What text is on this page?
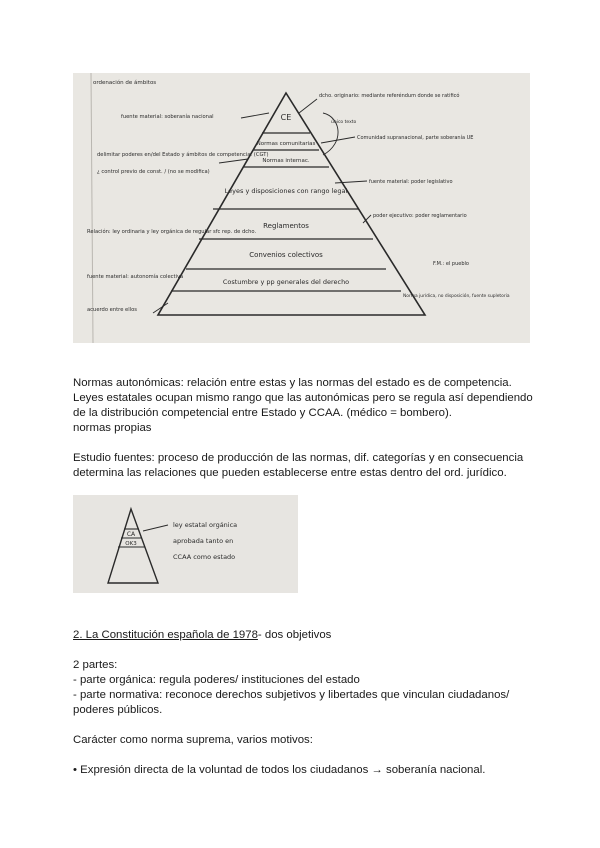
CE
Normas comunitarias
Normas internac.
Leyes y disposiciones con rango legal
Reglamentos
Convenios colectivos
Costumbre y pp generales del derecho
ordenación de ámbitos
único texto
fuente material: soberanía nacional
delimitar poderes en/del Estado y ámbitos de competencia: (CGT)
¿ control previo de const. / (no se modifica)
Relación: ley ordinaria y ley orgánica de regular sfc rep. de dcho.
fuente material: autonomía colectiva
acuerdo entre ellos
dcho. originario: mediante referéndum donde se ratificó
Comunidad supranacional, parte soberanía UE
fuente material: poder legislativo
poder ejecutivo: poder reglamentario
F.M.: el pueblo
Norma jurídica, no disposición, fuente supletoria

Normas autonómicas: relación entre estas y las normas del estado es de competencia.

Leyes estatales ocupan mismo rango que las autonómicas pero se regula así dependiendo

de la distribución competencial entre Estado y CCAA. (médico = bombero).

normas propias

Estudio fuentes: proceso de producción de las normas, dif. categorías y en consecuencia

determina las relaciones que pueden establecerse entre estas dentro del ord. jurídico.

CA
OK3
ley estatal orgánica
aprobada tanto en
CCAA como estado

2. La Constitución española de 1978- dos objetivos

2 partes:

- parte orgánica: regula poderes/ instituciones del estado

- parte normativa: reconoce derechos subjetivos y libertades que vinculan ciudadanos/

poderes públicos.

Carácter como norma suprema, varios motivos:

• Expresión directa de la voluntad de todos los ciudadanos → soberanía nacional.
